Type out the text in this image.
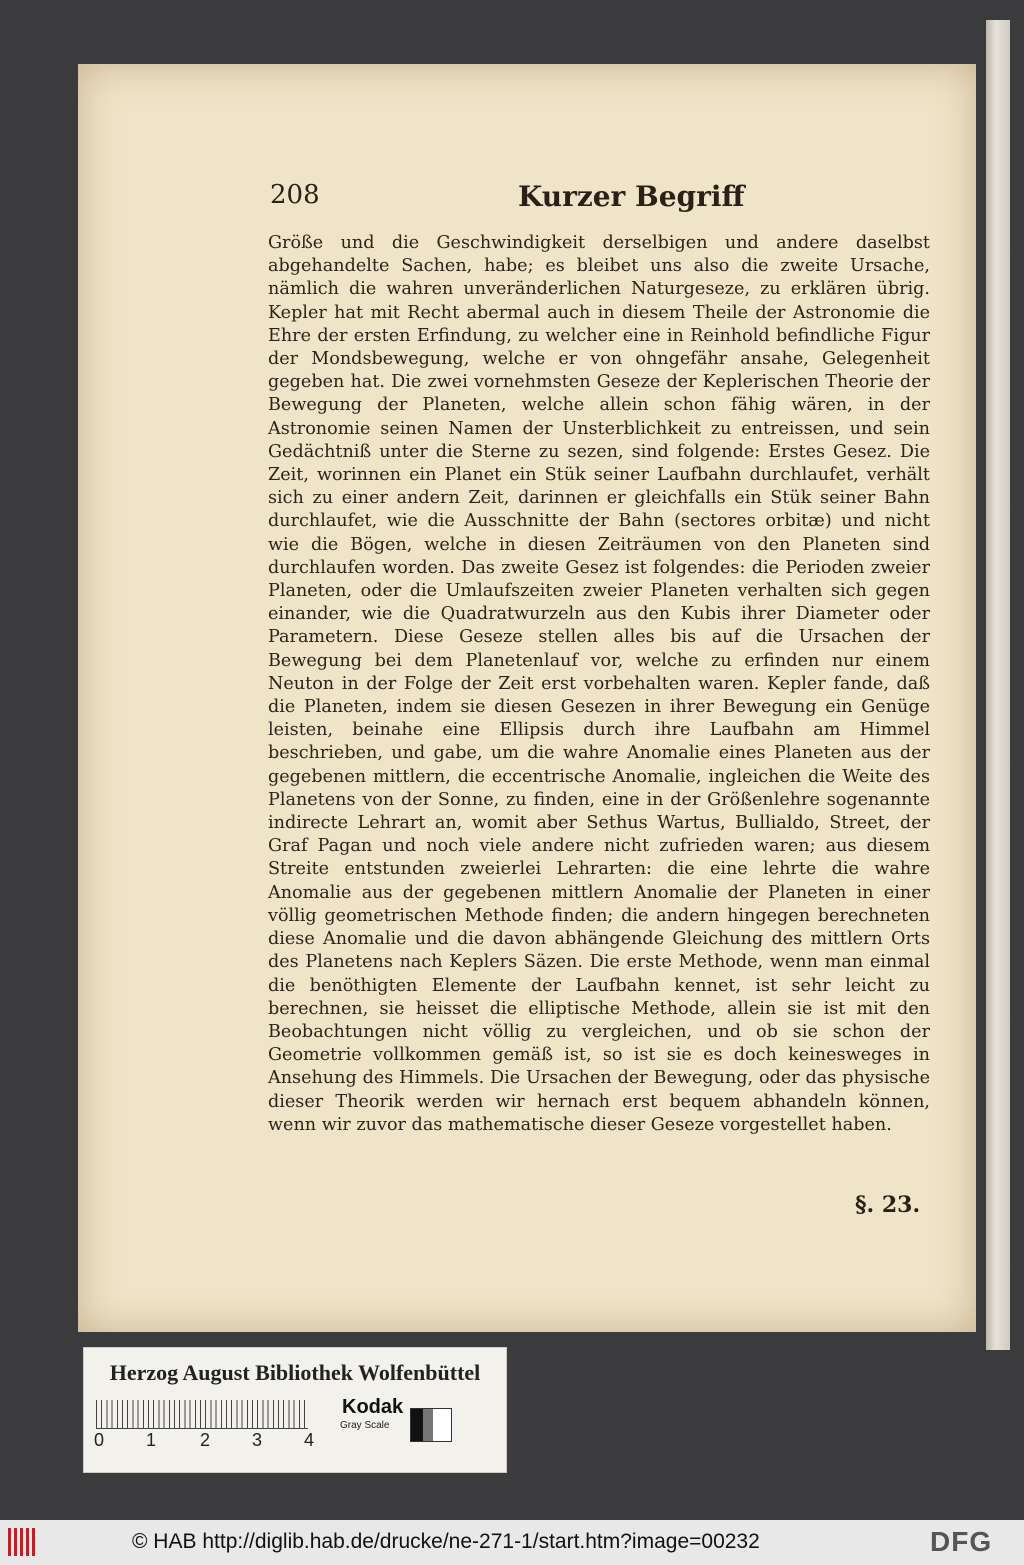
208	Kurzer Begriff

Größe und die Geschwindigkeit derselbigen und andere daselbst abgehandelte Sachen, habe; es bleibet uns also die zweite Ursache, nämlich die wahren unveränderlichen Naturgeseze, zu erklären übrig. Kepler hat mit Recht abermal auch in diesem Theile der Astronomie die Ehre der ersten Erfindung, zu welcher eine in Reinhold befindliche Figur der Mondsbewegung, welche er von ohngefähr ansahe, Gelegenheit gegeben hat. Die zwei vornehmsten Geseze der Keplerischen Theorie der Bewegung der Planeten, welche allein schon fähig wären, in der Astronomie seinen Namen der Unsterblichkeit zu entreissen, und sein Gedächtniß unter die Sterne zu sezen, sind folgende: Erstes Gesez. Die Zeit, worinnen ein Planet ein Stük seiner Laufbahn durchlaufet, verhält sich zu einer andern Zeit, darinnen er gleichfalls ein Stük seiner Bahn durchlaufet, wie die Ausschnitte der Bahn (sectores orbitæ) und nicht wie die Bögen, welche in diesen Zeiträumen von den Planeten sind durchlaufen worden. Das zweite Gesez ist folgendes: die Perioden zweier Planeten, oder die Umlaufszeiten zweier Planeten verhalten sich gegen einander, wie die Quadratwurzeln aus den Kubis ihrer Diameter oder Parametern. Diese Geseze stellen alles bis auf die Ursachen der Bewegung bei dem Planetenlauf vor, welche zu erfinden nur einem Neuton in der Folge der Zeit erst vorbehalten waren. Kepler fande, daß die Planeten, indem sie diesen Gesezen in ihrer Bewegung ein Genüge leisten, beinahe eine Ellipsis durch ihre Laufbahn am Himmel beschrieben, und gabe, um die wahre Anomalie eines Planeten aus der gegebenen mittlern, die eccentrische Anomalie, ingleichen die Weite des Planetens von der Sonne, zu finden, eine in der Größenlehre sogenannte indirecte Lehrart an, womit aber Sethus Wartus, Bullialdo, Street, der Graf Pagan und noch viele andere nicht zufrieden waren; aus diesem Streite entstunden zweierlei Lehrarten: die eine lehrte die wahre Anomalie aus der gegebenen mittlern Anomalie der Planeten in einer völlig geometrischen Methode finden; die andern hingegen berechneten diese Anomalie und die davon abhängende Gleichung des mittlern Orts des Planetens nach Keplers Säzen. Die erste Methode, wenn man einmal die benöthigten Elemente der Laufbahn kennet, ist sehr leicht zu berechnen, sie heisset die elliptische Methode, allein sie ist mit den Beobachtungen nicht völlig zu vergleichen, und ob sie schon der Geometrie vollkommen gemäß ist, so ist sie es doch keinesweges in Ansehung des Himmels. Die Ursachen der Bewegung, oder das physische dieser Theorik werden wir hernach erst bequem abhandeln können, wenn wir zuvor das mathematische dieser Geseze vorgestellet haben.

§. 23.
Herzog August Bibliothek Wolfenbüttel
0 1 2 3 4
Kodak
Gray Scale
© HAB http://diglib.hab.de/drucke/ne-271-1/start.htm?image=00232	DFG
